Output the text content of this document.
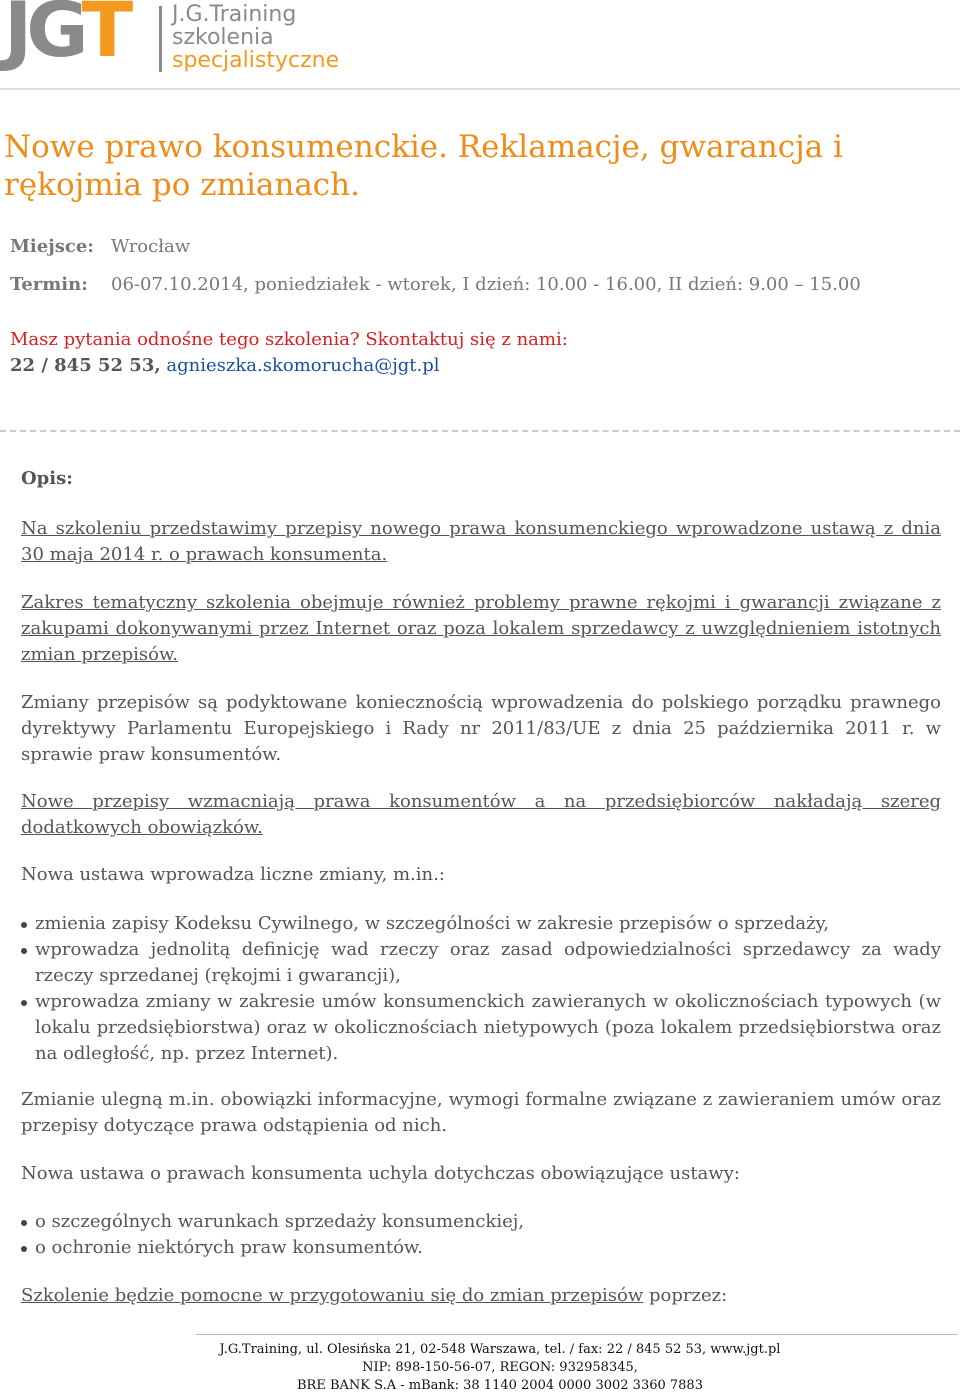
JGT J.G.Training
szkolenia
specjalistyczne
Nowe prawo konsumenckie. Reklamacje, gwarancja i rękojmia po zmianach.
Miejsce: Wrocław
Termin: 06-07.10.2014, poniedziałek - wtorek, I dzień: 10.00 - 16.00, II dzień: 9.00 – 15.00
Masz pytania odnośne tego szkolenia? Skontaktuj się z nami:
22 / 845 52 53, agnieszka.skomorucha@jgt.pl
Opis:

Na szkoleniu przedstawimy przepisy nowego prawa konsumenckiego wprowadzone ustawą z dnia 30 maja 2014 r. o prawach konsumenta.

Zakres tematyczny szkolenia obejmuje również problemy prawne rękojmi i gwarancji związane z zakupami dokonywanymi przez Internet oraz poza lokalem sprzedawcy z uwzględnieniem istotnych zmian przepisów.

Zmiany przepisów są podyktowane koniecznością wprowadzenia do polskiego porządku prawnego dyrektywy Parlamentu Europejskiego i Rady nr 2011/83/UE z dnia 25 października 2011 r. w sprawie praw konsumentów.

Nowe przepisy wzmacniają prawa konsumentów a na przedsiębiorców nakładają szereg dodatkowych obowiązków.

Nowa ustawa wprowadza liczne zmiany, m.in.:

zmienia zapisy Kodeksu Cywilnego, w szczególności w zakresie przepisów o sprzedaży,
wprowadza jednolitą definicję wad rzeczy oraz zasad odpowiedzialności sprzedawcy za wady rzeczy sprzedanej (rękojmi i gwarancji),
wprowadza zmiany w zakresie umów konsumenckich zawieranych w okolicznościach typowych (w lokalu przedsiębiorstwa) oraz w okolicznościach nietypowych (poza lokalem przedsiębiorstwa oraz na odległość, np. przez Internet).

Zmianie ulegną m.in. obowiązki informacyjne, wymogi formalne związane z zawieraniem umów oraz przepisy dotyczące prawa odstąpienia od nich.

Nowa ustawa o prawach konsumenta uchyla dotychczas obowiązujące ustawy:

o szczególnych warunkach sprzedaży konsumenckiej,
o ochronie niektórych praw konsumentów.

Szkolenie będzie pomocne w przygotowaniu się do zmian przepisów poprzez:

J.G.Training, ul. Olesińska 21, 02-548 Warszawa, tel. / fax: 22 / 845 52 53, www.jgt.pl
NIP: 898-150-56-07, REGON: 932958345,
BRE BANK S.A - mBank: 38 1140 2004 0000 3002 3360 7883
